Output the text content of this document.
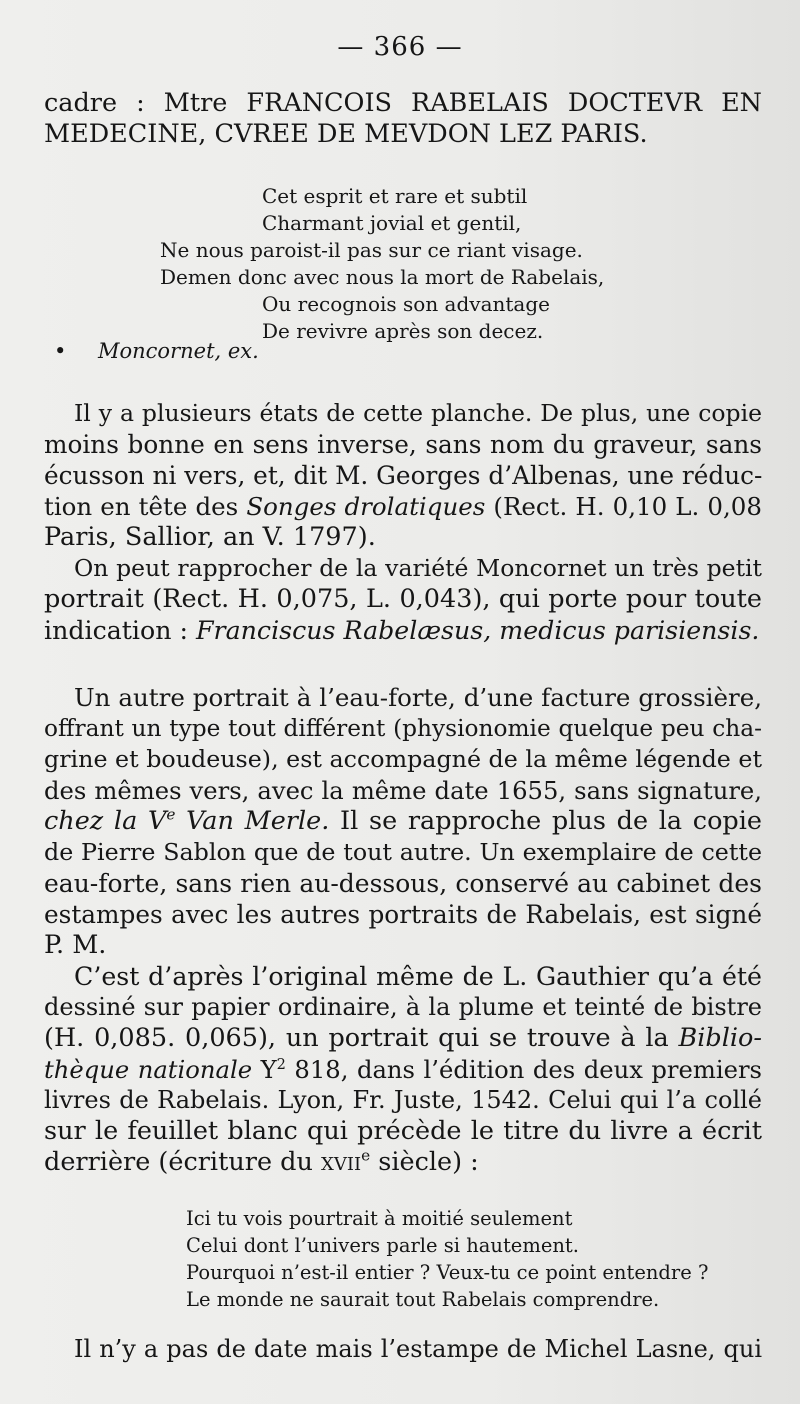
— 366 —
cadre : Mtre FRANCOIS RABELAIS DOCTEVR EN
MEDECINE, CVREE DE MEVDON LEZ PARIS.
Cet esprit et rare et subtil
Charmant jovial et gentil,
Ne nous paroist-il pas sur ce riant visage.
Demen donc avec nous la mort de Rabelais,
Ou recognois son advantage
De revivre après son decez.
• Moncornet, ex.
Il y a plusieurs états de cette planche. De plus, une copie
moins bonne en sens inverse, sans nom du graveur, sans
écusson ni vers, et, dit M. Georges d’Albenas, une réduc-
tion en tête des Songes drolatiques (Rect. H. 0,10 L. 0,08
Paris, Sallior, an V. 1797).
On peut rapprocher de la variété Moncornet un très petit
portrait (Rect. H. 0,075, L. 0,043), qui porte pour toute
indication : Franciscus Rabelæsus, medicus parisiensis.
Un autre portrait à l’eau-forte, d’une facture grossière,
offrant un type tout différent (physionomie quelque peu cha-
grine et boudeuse), est accompagné de la même légende et
des mêmes vers, avec la même date 1655, sans signature,
chez la Ve Van Merle. Il se rapproche plus de la copie
de Pierre Sablon que de tout autre. Un exemplaire de cette
eau-forte, sans rien au-dessous, conservé au cabinet des
estampes avec les autres portraits de Rabelais, est signé
P. M.
C’est d’après l’original même de L. Gauthier qu’a été
dessiné sur papier ordinaire, à la plume et teinté de bistre
(H. 0,085. 0,065), un portrait qui se trouve à la Biblio-
thèque nationale $Y^2$ 818, dans l’édition des deux premiers
livres de Rabelais. Lyon, Fr. Juste, 1542. Celui qui l’a collé
sur le feuillet blanc qui précède le titre du livre a écrit
derrière (écriture du xvii$^e$ siècle) :
Ici tu vois pourtrait à moitié seulement
Celui dont l’univers parle si hautement.
Pourquoi n’est-il entier ? Veux-tu ce point entendre ?
Le monde ne saurait tout Rabelais comprendre.
Il n’y a pas de date mais l’estampe de Michel Lasne, qui
